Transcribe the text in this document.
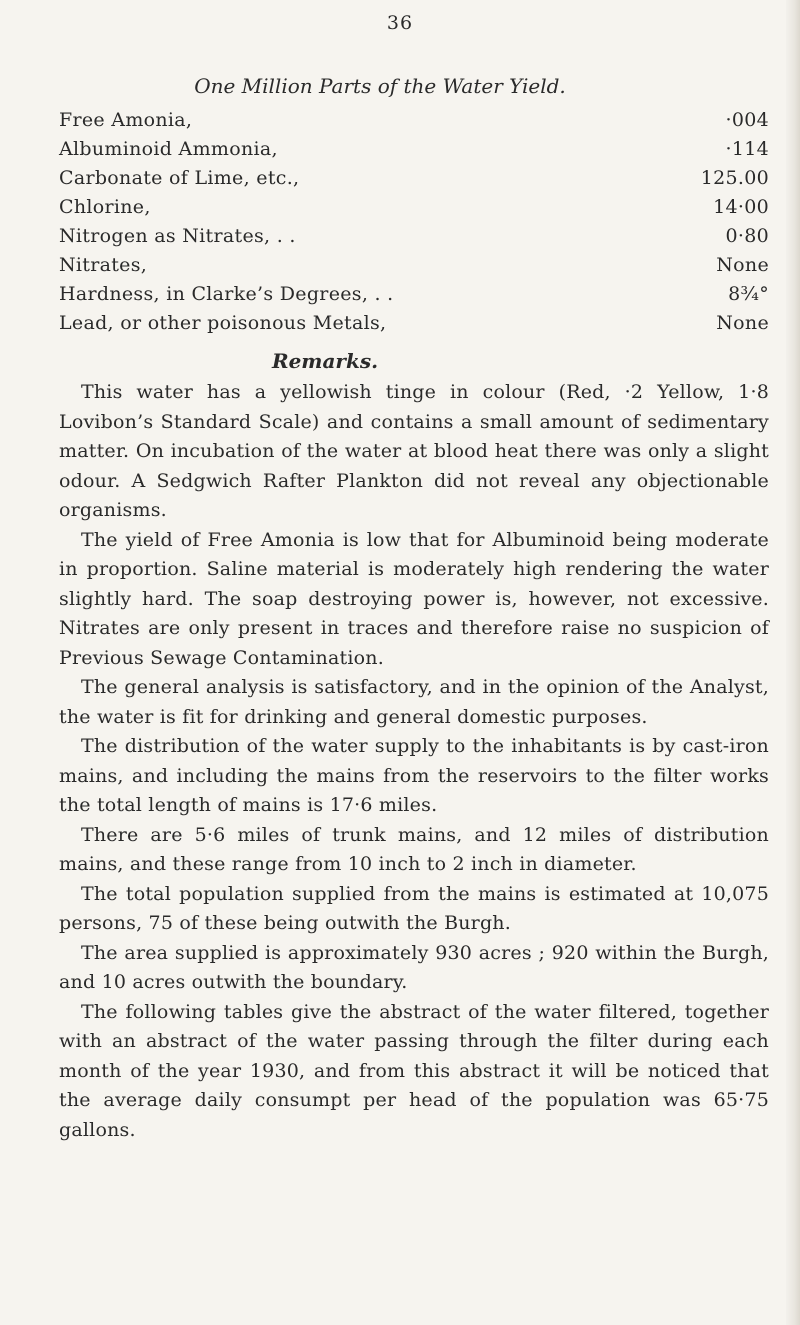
36
One Million Parts of the Water Yield.
Free Amonia,	·004
Albuminoid Ammonia,	·114
Carbonate of Lime, etc.,	125.00
Chlorine,	14·00
Nitrogen as Nitrates, . .	0·80
Nitrates,	None
Hardness, in Clarke’s Degrees, . .	8¾°
Lead, or other poisonous Metals,	None
Remarks.

This water has a yellowish tinge in colour (Red, ·2 Yellow, 1·8 Lovibon’s Standard Scale) and contains a small amount of sedimentary matter. On incubation of the water at blood heat there was only a slight odour. A Sedgwich Rafter Plankton did not reveal any objectionable organisms.

The yield of Free Amonia is low that for Albuminoid being moderate in proportion. Saline material is moderately high rendering the water slightly hard. The soap destroying power is, however, not excessive. Nitrates are only present in traces and therefore raise no suspicion of Previous Sewage Contamination.

The general analysis is satisfactory, and in the opinion of the Analyst, the water is fit for drinking and general domestic purposes.

The distribution of the water supply to the inhabitants is by cast-iron mains, and including the mains from the reservoirs to the filter works the total length of mains is 17·6 miles.

There are 5·6 miles of trunk mains, and 12 miles of distribution mains, and these range from 10 inch to 2 inch in diameter.

The total population supplied from the mains is estimated at 10,075 persons, 75 of these being outwith the Burgh.

The area supplied is approximately 930 acres ; 920 within the Burgh, and 10 acres outwith the boundary.

The following tables give the abstract of the water filtered, together with an abstract of the water passing through the filter during each month of the year 1930, and from this abstract it will be noticed that the average daily consumpt per head of the population was 65·75 gallons.
